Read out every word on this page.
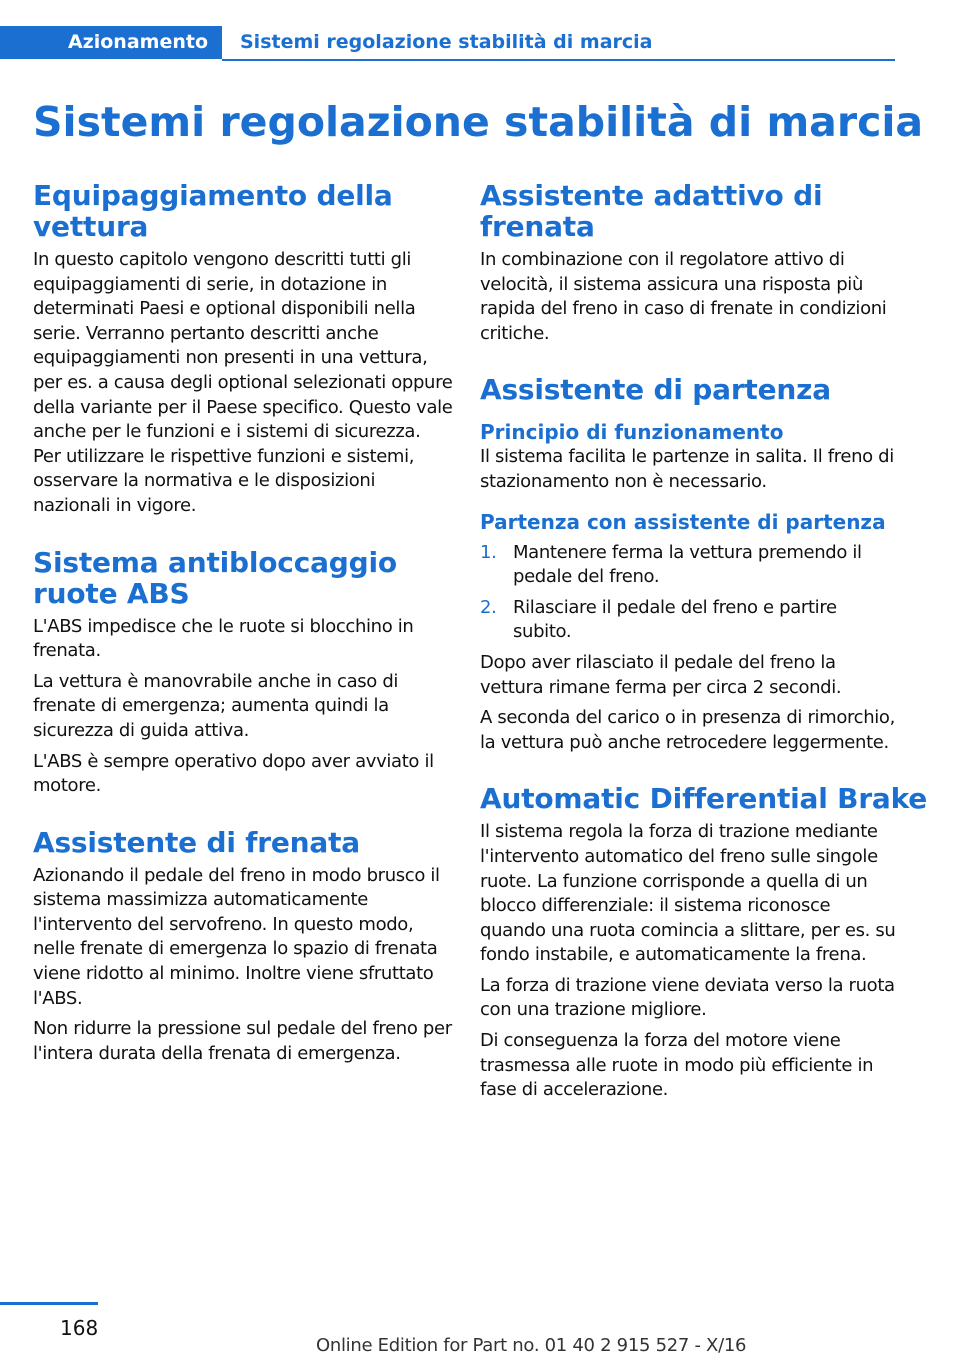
Azionamento	Sistemi regolazione stabilità di marcia
Sistemi regolazione stabilità di marcia
Equipaggiamento della vettura

In questo capitolo vengono descritti tutti gli equipaggiamenti di serie, in dotazione in determinati Paesi e optional disponibili nella serie. Verranno pertanto descritti anche equipaggiamenti non presenti in una vettura, per es. a causa degli optional selezionati oppure della variante per il Paese specifico. Questo vale anche per le funzioni e i sistemi di sicurezza. Per utilizzare le rispettive funzioni e sistemi, osservare la normativa e le disposizioni nazionali in vigore.

Sistema antibloccaggio ruote ABS

L'ABS impedisce che le ruote si blocchino in frenata.

La vettura è manovrabile anche in caso di frenate di emergenza; aumenta quindi la sicurezza di guida attiva.

L'ABS è sempre operativo dopo aver avviato il motore.

Assistente di frenata

Azionando il pedale del freno in modo brusco il sistema massimizza automaticamente l'intervento del servofreno. In questo modo, nelle frenate di emergenza lo spazio di frenata viene ridotto al minimo. Inoltre viene sfruttato l'ABS.

Non ridurre la pressione sul pedale del freno per l'intera durata della frenata di emergenza.

Assistente adattivo di frenata

In combinazione con il regolatore attivo di velocità, il sistema assicura una risposta più rapida del freno in caso di frenate in condizioni critiche.

Assistente di partenza
Principio di funzionamento

Il sistema facilita le partenze in salita. Il freno di stazionamento non è necessario.

Partenza con assistente di partenza
1. Mantenere ferma la vettura premendo il pedale del freno.
2. Rilasciare il pedale del freno e partire subito.

Dopo aver rilasciato il pedale del freno la vettura rimane ferma per circa 2 secondi.

A seconda del carico o in presenza di rimorchio, la vettura può anche retrocedere leggermente.

Automatic Differential Brake

Il sistema regola la forza di trazione mediante l'intervento automatico del freno sulle singole ruote. La funzione corrisponde a quella di un blocco differenziale: il sistema riconosce quando una ruota comincia a slittare, per es. su fondo instabile, e automaticamente la frena.

La forza di trazione viene deviata verso la ruota con una trazione migliore.

Di conseguenza la forza del motore viene trasmessa alle ruote in modo più efficiente in fase di accelerazione.

168
Online Edition for Part no. 01 40 2 915 527 - X/16
